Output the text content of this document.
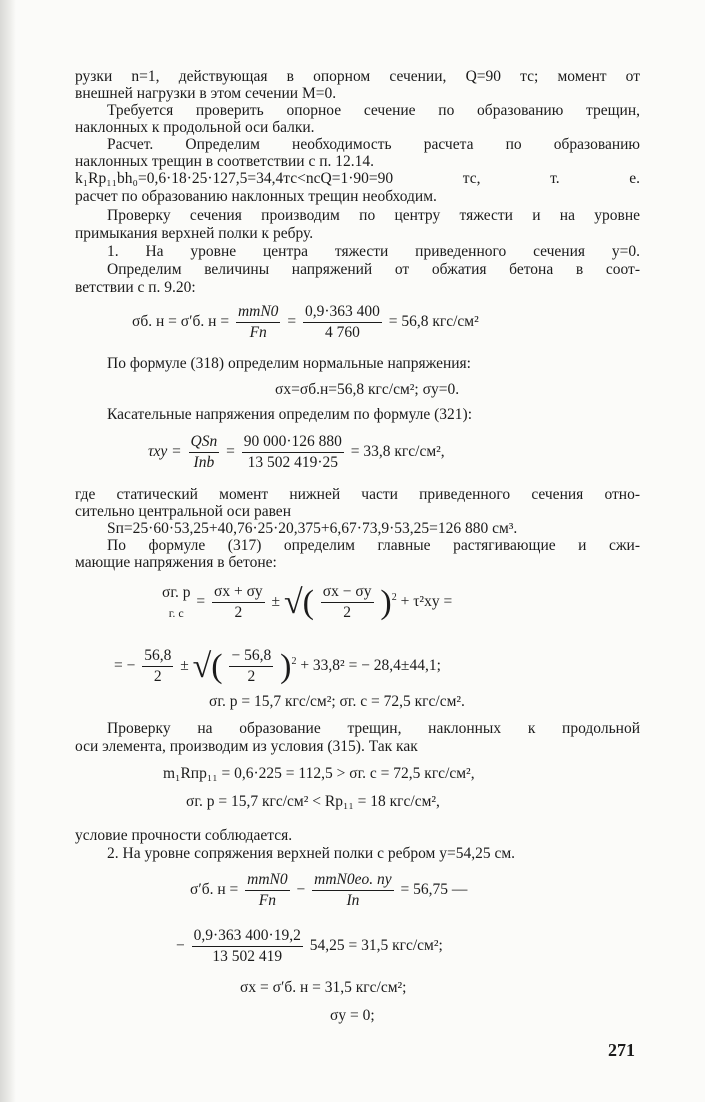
рузки n=1, действующая в опорном сечении, Q=90 тс; момент от
внешней нагрузки в этом сечении M=0.
Требуется проверить опорное сечение по образованию трещин,
наклонных к продольной оси балки.
Расчет. Определим необходимость расчета по образованию
наклонных трещин в соответствии с п. 12.14.
k₁Rр₁₁bh₀=0,6·18·25·127,5=34,4тс<nсQ=1·90=90 тс, т. е.
расчет по образованию наклонных трещин необходим.
Проверку сечения производим по центру тяжести и на уровне
примыкания верхней полки к ребру.
1. На уровне центра тяжести приведенного сечения y=0.
Определим величины напряжений от обжатия бетона в соот-
ветствии с п. 9.20:
σб. н = σ′б. $н = \frac{\text{mтN0}}{Fп} = \frac{0,9\cdot 363 400}{4 760} = 56,8$ кгс/см²
По формуле (318) определим нормальные напряжения:
σx=σб.н=56,8 кгс/см²; σy=0.
Касательные напряжения определим по формуле (321):
$\tau xy = \frac{\text{QSп}}{\text{Iпb}} = \frac{90 000\cdot 126 880}{13 502 419\cdot 25} = 33,8$ кгс/см²,
где статический момент нижней части приведенного сечения отно-
сительно центральной оси равен
Sп=25·60·53,25+40,76·25·20,375+6,67·73,9·53,25=126 880 см³.
По формуле (317) определим главные растягивающие и сжи-
мающие напряжения в бетоне:
σг. р
г. с
= $\frac{\sigma x + \sigma y}{2}$ ± √( $\frac{\sigma x - \sigma y}{2} )^2 + \tau^2xy$ =
= − $\frac{56,8}{2}$ ± √( $\frac{- 56,8}{2} )^2 + 33,8^2$ = − 28,4±44,1;
σг. р = 15,7 кгс/см²; σг. с = 72,5 кгс/см².
Проверку на образование трещин, наклонных к продольной
оси элемента, производим из условия (315). Так как
m₁Rпр₁₁ = 0,6·225 = 112,5 > σг. с = 72,5 кгс/см²,
σг. р = 15,7 кгс/см² < Rр₁₁ = 18 кгс/см²,
условие прочности соблюдается.
2. На уровне сопряжения верхней полки с ребром y=54,25 см.
σ′б. $н = \frac{\text{mтN0}}{Fп} - \frac{\text{mтN0eо. пy}}{Iп} = 56,75$ —
− $\frac{0,9\cdot 363 400\cdot 19,2}{13 502 419} 54,25 = 31,5$ кгс/см²;
σx = σ′б. н = 31,5 кгс/см²;
σy = 0;
271
